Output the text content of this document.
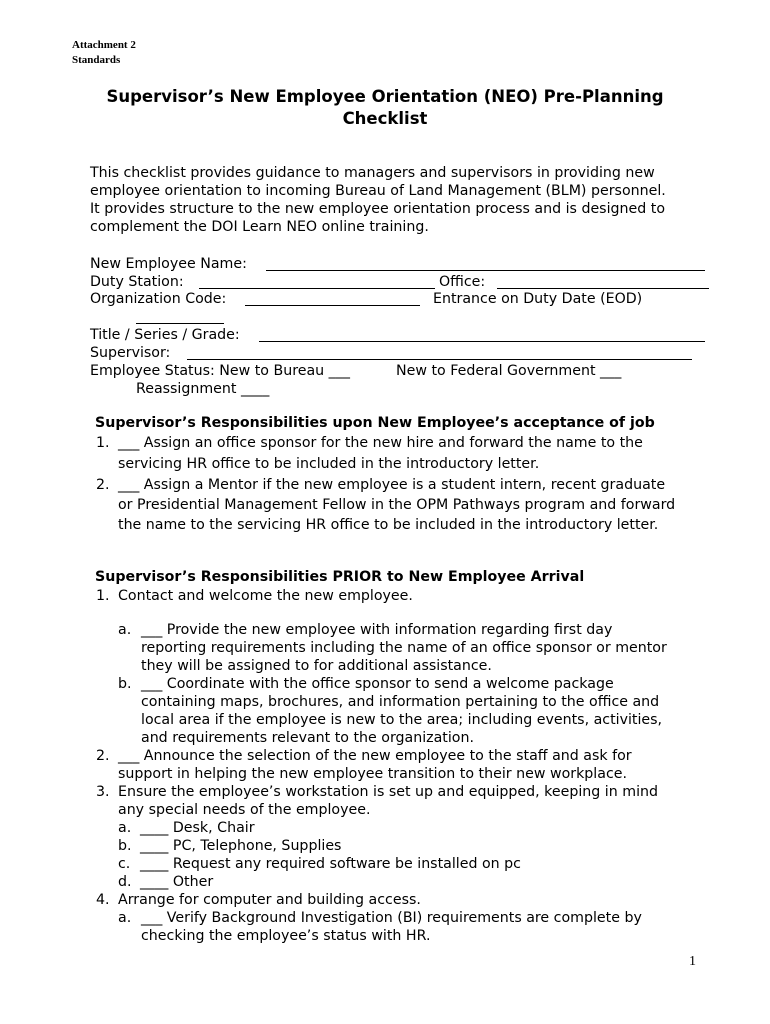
Attachment 2
Standards
Supervisor’s New Employee Orientation (NEO) Pre-Planning
Checklist
This checklist provides guidance to managers and supervisors in providing new
employee orientation to incoming Bureau of Land Management (BLM) personnel.
It provides structure to the new employee orientation process and is designed to
complement the DOI Learn NEO online training.
New Employee Name:
Duty Station:	Office:
Organization Code:	Entrance on Duty Date (EOD)
Title / Series / Grade:
Supervisor:
Employee Status: New to Bureau ___	New to Federal Government ___
Reassignment ____
Supervisor’s Responsibilities upon New Employee’s acceptance of job
1. ___ Assign an office sponsor for the new hire and forward the name to the
servicing HR office to be included in the introductory letter.
2. ___ Assign a Mentor if the new employee is a student intern, recent graduate
or Presidential Management Fellow in the OPM Pathways program and forward
the name to the servicing HR office to be included in the introductory letter.
Supervisor’s Responsibilities PRIOR to New Employee Arrival
1. Contact and welcome the new employee.
a. ___ Provide the new employee with information regarding first day
reporting requirements including the name of an office sponsor or mentor
they will be assigned to for additional assistance.
b. ___ Coordinate with the office sponsor to send a welcome package
containing maps, brochures, and information pertaining to the office and
local area if the employee is new to the area; including events, activities,
and requirements relevant to the organization.
2. ___ Announce the selection of the new employee to the staff and ask for
support in helping the new employee transition to their new workplace.
3. Ensure the employee’s workstation is set up and equipped, keeping in mind
any special needs of the employee.
a. ____ Desk, Chair
b. ____ PC, Telephone, Supplies
c. ____ Request any required software be installed on pc
d. ____ Other
4. Arrange for computer and building access.
a. ___ Verify Background Investigation (BI) requirements are complete by
checking the employee’s status with HR.
1
